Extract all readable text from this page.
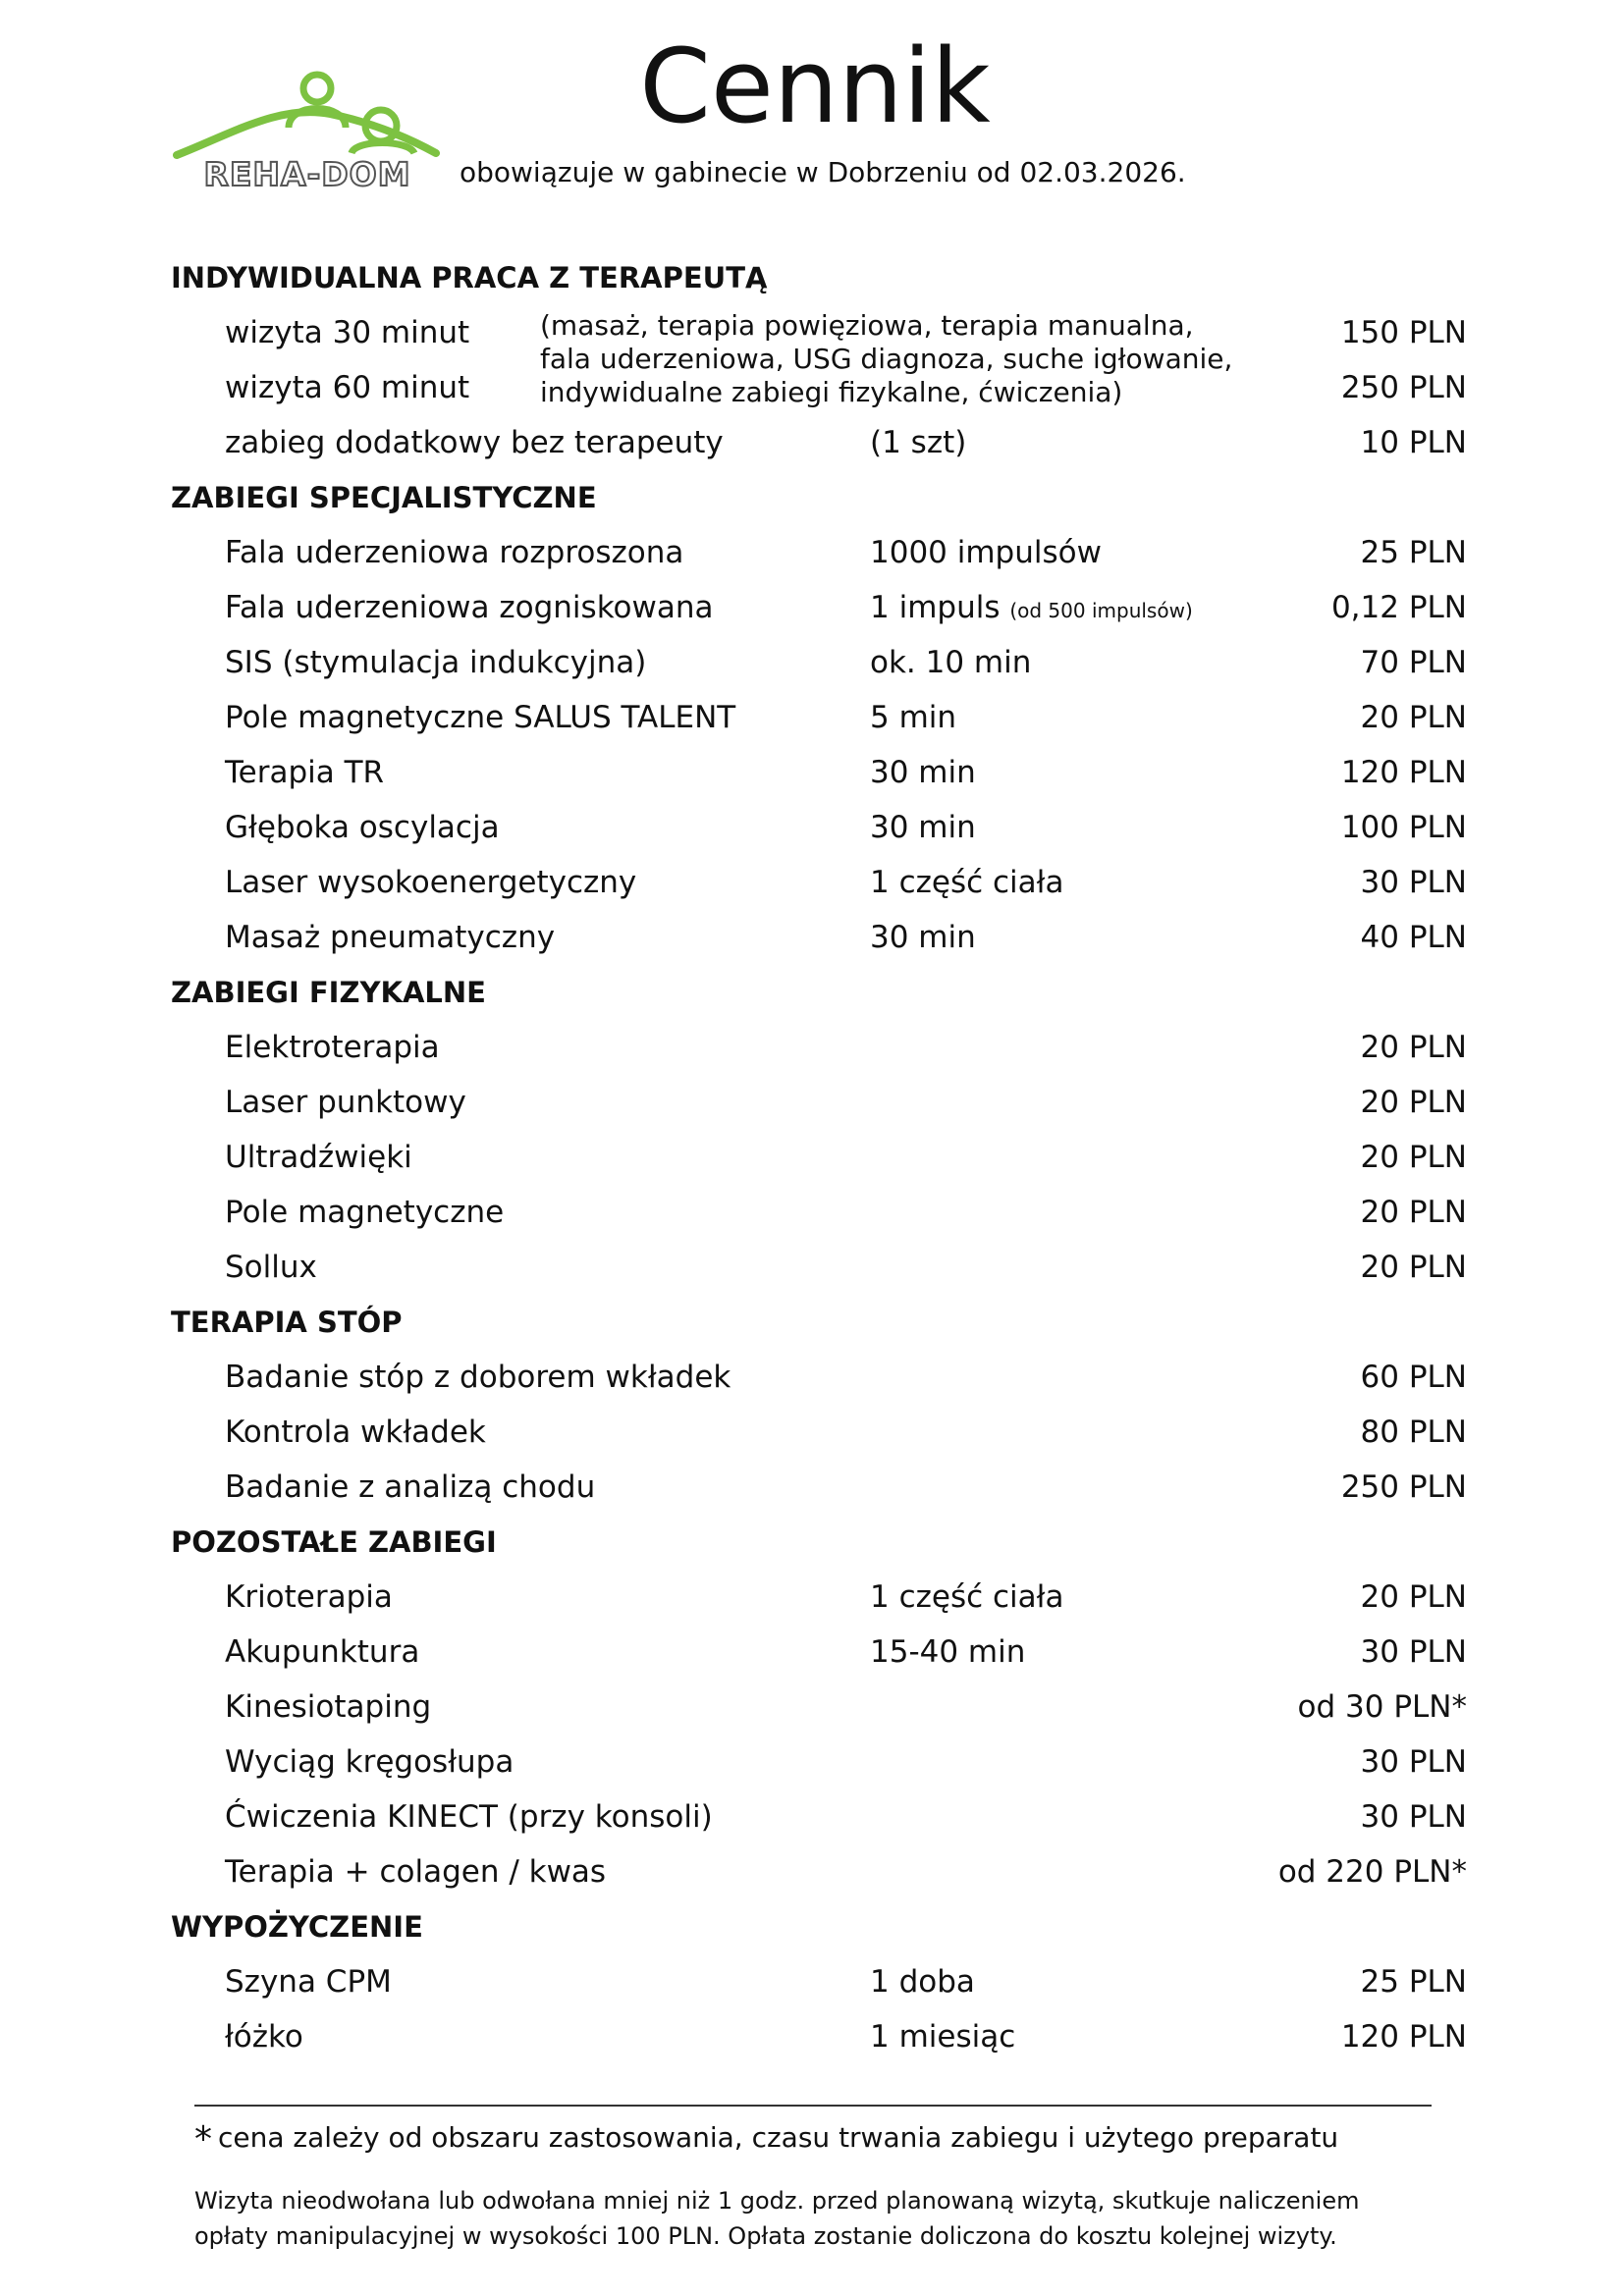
REHA-DOM
Cennik
obowiązuje w gabinecie w Dobrzeniu od 02.03.2026.
INDYWIDUALNA PRACA Z TERAPEUTĄ
wizyta 30 minut	150 PLN
wizyta 60 minut	250 PLN
(masaż, terapia powięziowa, terapia manualna,
fala uderzeniowa, USG diagnoza, suche igłowanie,
indywidualne zabiegi fizykalne, ćwiczenia)
zabieg dodatkowy bez terapeuty	(1 szt)	10 PLN
ZABIEGI SPECJALISTYCZNE
Fala uderzeniowa rozproszona	1000 impulsów	25 PLN
Fala uderzeniowa zogniskowana	1 impuls (od 500 impulsów)	0,12 PLN
SIS (stymulacja indukcyjna)	ok. 10 min	70 PLN
Pole magnetyczne SALUS TALENT	5 min	20 PLN
Terapia TR	30 min	120 PLN
Głęboka oscylacja	30 min	100 PLN
Laser wysokoenergetyczny	1 część ciała	30 PLN
Masaż pneumatyczny	30 min	40 PLN
ZABIEGI FIZYKALNE
Elektroterapia	20 PLN
Laser punktowy	20 PLN
Ultradźwięki	20 PLN
Pole magnetyczne	20 PLN
Sollux	20 PLN
TERAPIA STÓP
Badanie stóp z doborem wkładek	60 PLN
Kontrola wkładek	80 PLN
Badanie z analizą chodu	250 PLN
POZOSTAŁE ZABIEGI
Krioterapia	1 część ciała	20 PLN
Akupunktura	15-40 min	30 PLN
Kinesiotaping	od 30 PLN*
Wyciąg kręgosłupa	30 PLN
Ćwiczenia KINECT (przy konsoli)	30 PLN
Terapia + colagen / kwas	od 220 PLN*
WYPOŻYCZENIE
Szyna CPM	1 doba	25 PLN
łóżko	1 miesiąc	120 PLN
* cena zależy od obszaru zastosowania, czasu trwania zabiegu i użytego preparatu
Wizyta nieodwołana lub odwołana mniej niż 1 godz. przed planowaną wizytą, skutkuje naliczeniem
opłaty manipulacyjnej w wysokości 100 PLN. Opłata zostanie doliczona do kosztu kolejnej wizyty.
